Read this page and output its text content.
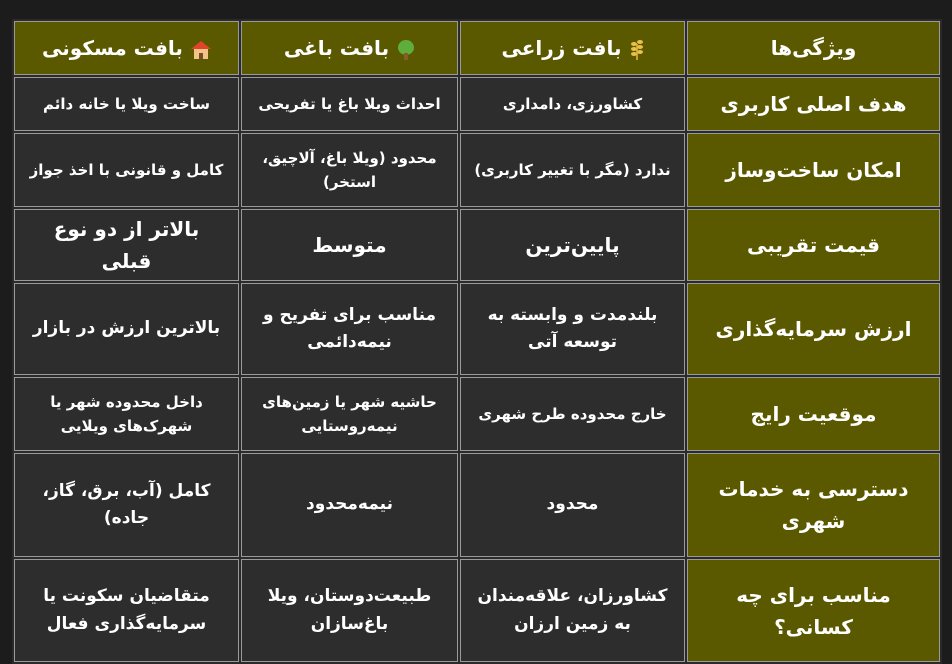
ویژگی‌ها	بافت زراعی	بافت باغی	بافت مسکونی
هدف اصلی کاربری	کشاورزی، دامداری	احداث ویلا باغ یا تفریحی	ساخت ویلا یا خانه دائم
امکان ساخت‌وساز	ندارد (مگر با تغییر کاربری)	محدود (ویلا باغ، آلاچیق، استخر)	کامل و قانونی با اخذ جواز
قیمت تقریبی	پایین‌ترین	متوسط	بالاتر از دو نوع قبلی
ارزش سرمایه‌گذاری	بلندمدت و وابسته به توسعه آتی	مناسب برای تفریح و نیمه‌دائمی	بالاترین ارزش در بازار
موقعیت رایج	خارج محدوده طرح شهری	حاشیه شهر یا زمین‌های نیمه‌روستایی	داخل محدوده شهر یا شهرک‌های ویلایی
دسترسی به خدمات شهری	محدود	نیمه‌محدود	کامل (آب، برق، گاز، جاده)
مناسب برای چه کسانی؟	کشاورزان، علاقه‌مندان به زمین ارزان	طبیعت‌دوستان، ویلا باغ‌سازان	متقاضیان سکونت یا سرمایه‌گذاری فعال
